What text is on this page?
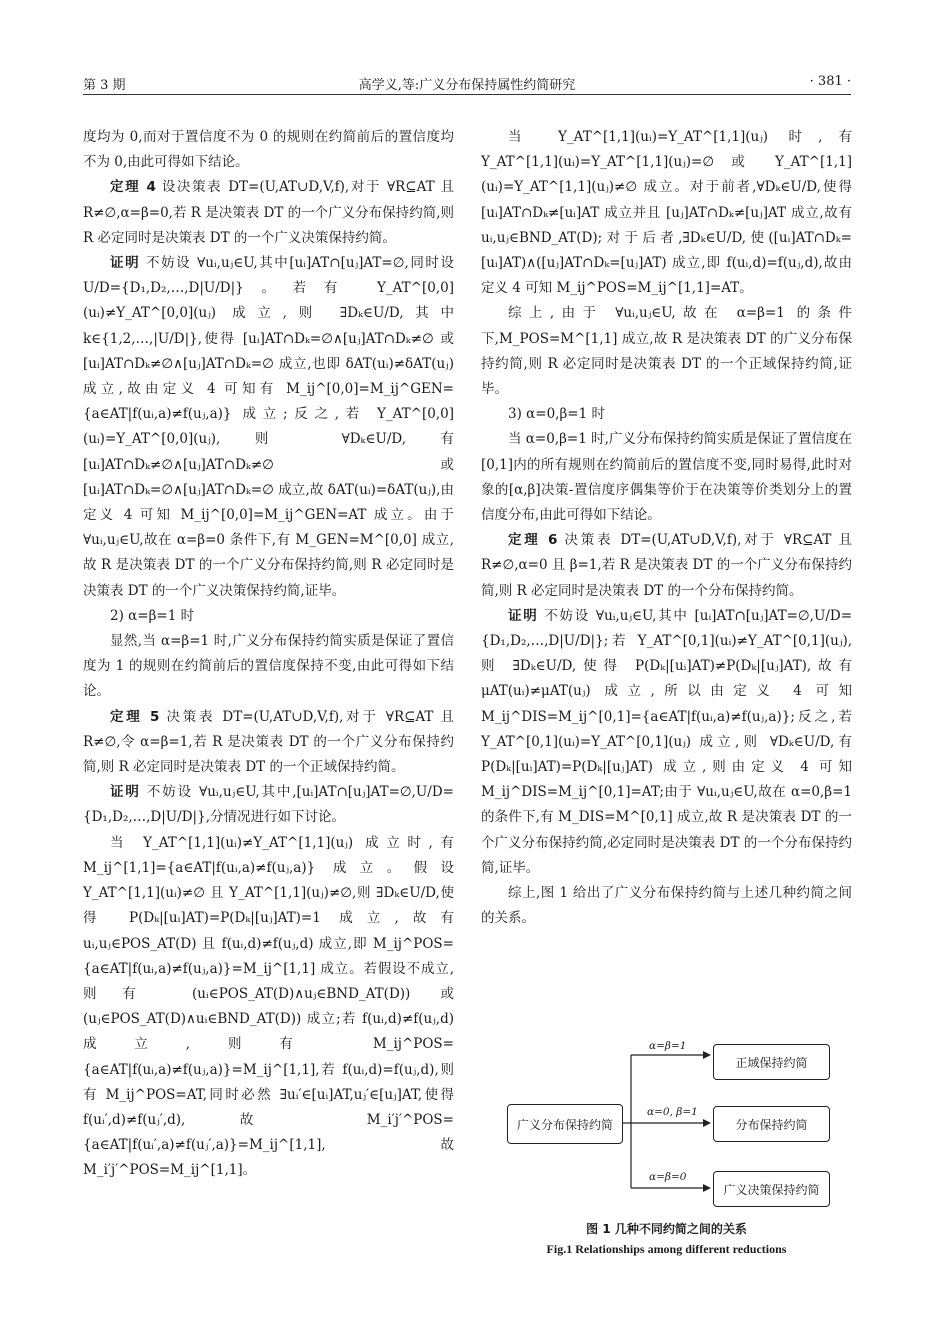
第 3 期	高学义,等:广义分布保持属性约简研究	· 381 ·

度均为 0,而对于置信度不为 0 的规则在约简前后的置信度均不为 0,由此可得如下结论。

定理 4 设决策表 DT=(U,AT∪D,V,f),对于 ∀R⊆AT 且 R≠∅,α=β=0,若 R 是决策表 DT 的一个广义分布保持约简,则 R 必定同时是决策表 DT 的一个广义决策保持约简。

证明 不妨设 ∀uᵢ,uⱼ∈U,其中[uᵢ]AT∩[uⱼ]AT=∅,同时设 U/D={D₁,D₂,…,D|U/D|}。若有 Y_AT^[0,0](uᵢ)≠Y_AT^[0,0](uⱼ) 成立,则 ∃Dₖ∈U/D,其中 k∈{1,2,…,|U/D|},使得 [uᵢ]AT∩Dₖ=∅∧[uⱼ]AT∩Dₖ≠∅ 或 [uᵢ]AT∩Dₖ≠∅∧[uⱼ]AT∩Dₖ=∅ 成立,也即 δAT(uᵢ)≠δAT(uⱼ) 成立,故由定义 4 可知有 M_ij^[0,0]=M_ij^GEN={a∈AT|f(uᵢ,a)≠f(uⱼ,a)} 成立;反之,若 Y_AT^[0,0](uᵢ)=Y_AT^[0,0](uⱼ),则 ∀Dₖ∈U/D,有 [uᵢ]AT∩Dₖ≠∅∧[uⱼ]AT∩Dₖ≠∅ 或 [uᵢ]AT∩Dₖ=∅∧[uⱼ]AT∩Dₖ=∅ 成立,故 δAT(uᵢ)=δAT(uⱼ),由定义 4 可知 M_ij^[0,0]=M_ij^GEN=AT 成立。由于 ∀uᵢ,uⱼ∈U,故在 α=β=0 条件下,有 M_GEN=M^[0,0] 成立,故 R 是决策表 DT 的一个广义分布保持约简,则 R 必定同时是决策表 DT 的一个广义决策保持约简,证毕。

2) α=β=1 时

显然,当 α=β=1 时,广义分布保持约简实质是保证了置信度为 1 的规则在约简前后的置信度保持不变,由此可得如下结论。

定理 5 决策表 DT=(U,AT∪D,V,f),对于 ∀R⊆AT 且 R≠∅,令 α=β=1,若 R 是决策表 DT 的一个广义分布保持约简,则 R 必定同时是决策表 DT 的一个正域保持约简。

证明 不妨设 ∀uᵢ,uⱼ∈U,其中,[uᵢ]AT∩[uⱼ]AT=∅,U/D={D₁,D₂,…,D|U/D|},分情况进行如下讨论。

当 Y_AT^[1,1](uᵢ)≠Y_AT^[1,1](uⱼ) 成立时,有 M_ij^[1,1]={a∈AT|f(uᵢ,a)≠f(uⱼ,a)} 成立。假设 Y_AT^[1,1](uᵢ)≠∅ 且 Y_AT^[1,1](uⱼ)≠∅,则 ∃Dₖ∈U/D,使得 P(Dₖ|[uᵢ]AT)=P(Dₖ|[uⱼ]AT)=1 成立,故有 uᵢ,uⱼ∈POS_AT(D) 且 f(uᵢ,d)≠f(uⱼ,d) 成立,即 M_ij^POS={a∈AT|f(uᵢ,a)≠f(uⱼ,a)}=M_ij^[1,1] 成立。若假设不成立,则有 (uᵢ∈POS_AT(D)∧uⱼ∈BND_AT(D)) 或 (uⱼ∈POS_AT(D)∧uᵢ∈BND_AT(D)) 成立;若 f(uᵢ,d)≠f(uⱼ,d) 成立,则有 M_ij^POS={a∈AT|f(uᵢ,a)≠f(uⱼ,a)}=M_ij^[1,1],若 f(uᵢ,d)=f(uⱼ,d),则有 M_ij^POS=AT,同时必然 ∃uᵢ′∈[uᵢ]AT,uⱼ′∈[uⱼ]AT,使得 f(uᵢ′,d)≠f(uⱼ′,d),故 M_i′j′^POS={a∈AT|f(uᵢ′,a)≠f(uⱼ′,a)}=M_ij^[1,1],故 M_i′j′^POS=M_ij^[1,1]。

当 Y_AT^[1,1](uᵢ)=Y_AT^[1,1](uⱼ) 时,有 Y_AT^[1,1](uᵢ)=Y_AT^[1,1](uⱼ)=∅ 或 Y_AT^[1,1](uᵢ)=Y_AT^[1,1](uⱼ)≠∅ 成立。对于前者,∀Dₖ∈U/D,使得 [uᵢ]AT∩Dₖ≠[uᵢ]AT 成立并且 [uⱼ]AT∩Dₖ≠[uⱼ]AT 成立,故有 uᵢ,uⱼ∈BND_AT(D);对于后者,∃Dₖ∈U/D,使([uᵢ]AT∩Dₖ=[uᵢ]AT)∧([uⱼ]AT∩Dₖ=[uⱼ]AT) 成立,即 f(uᵢ,d)=f(uⱼ,d),故由定义 4 可知 M_ij^POS=M_ij^[1,1]=AT。

综上,由于 ∀uᵢ,uⱼ∈U,故在 α=β=1 的条件下,M_POS=M^[1,1] 成立,故 R 是决策表 DT 的广义分布保持约简,则 R 必定同时是决策表 DT 的一个正域保持约简,证毕。

3) α=0,β=1 时

当 α=0,β=1 时,广义分布保持约简实质是保证了置信度在[0,1]内的所有规则在约简前后的置信度不变,同时易得,此时对象的[α,β]决策-置信度序偶集等价于在决策等价类划分上的置信度分布,由此可得如下结论。

定理 6 决策表 DT=(U,AT∪D,V,f),对于 ∀R⊆AT 且 R≠∅,α=0 且 β=1,若 R 是决策表 DT 的一个广义分布保持约简,则 R 必定同时是决策表 DT 的一个分布保持约简。

证明 不妨设 ∀uᵢ,uⱼ∈U,其中 [uᵢ]AT∩[uⱼ]AT=∅,U/D={D₁,D₂,…,D|U/D|};若 Y_AT^[0,1](uᵢ)≠Y_AT^[0,1](uⱼ),则 ∃Dₖ∈U/D,使得 P(Dₖ|[uᵢ]AT)≠P(Dₖ|[uⱼ]AT),故有 μAT(uᵢ)≠μAT(uⱼ) 成立,所以由定义 4 可知 M_ij^DIS=M_ij^[0,1]={a∈AT|f(uᵢ,a)≠f(uⱼ,a)};反之,若 Y_AT^[0,1](uᵢ)=Y_AT^[0,1](uⱼ) 成立,则 ∀Dₖ∈U/D,有 P(Dₖ|[uᵢ]AT)=P(Dₖ|[uⱼ]AT) 成立,则由定义 4 可知 M_ij^DIS=M_ij^[0,1]=AT;由于 ∀uᵢ,uⱼ∈U,故在 α=0,β=1 的条件下,有 M_DIS=M^[0,1] 成立,故 R 是决策表 DT 的一个广义分布保持约简,必定同时是决策表 DT 的一个分布保持约简,证毕。

综上,图 1 给出了广义分布保持约简与上述几种约简之间的关系。

广义分布保持约简
正域保持约简
分布保持约简
广义决策保持约简
α=β=1
α=0, β=1
α=β=0
图 1 几种不同约简之间的关系
Fig.1 Relationships among different reductions
